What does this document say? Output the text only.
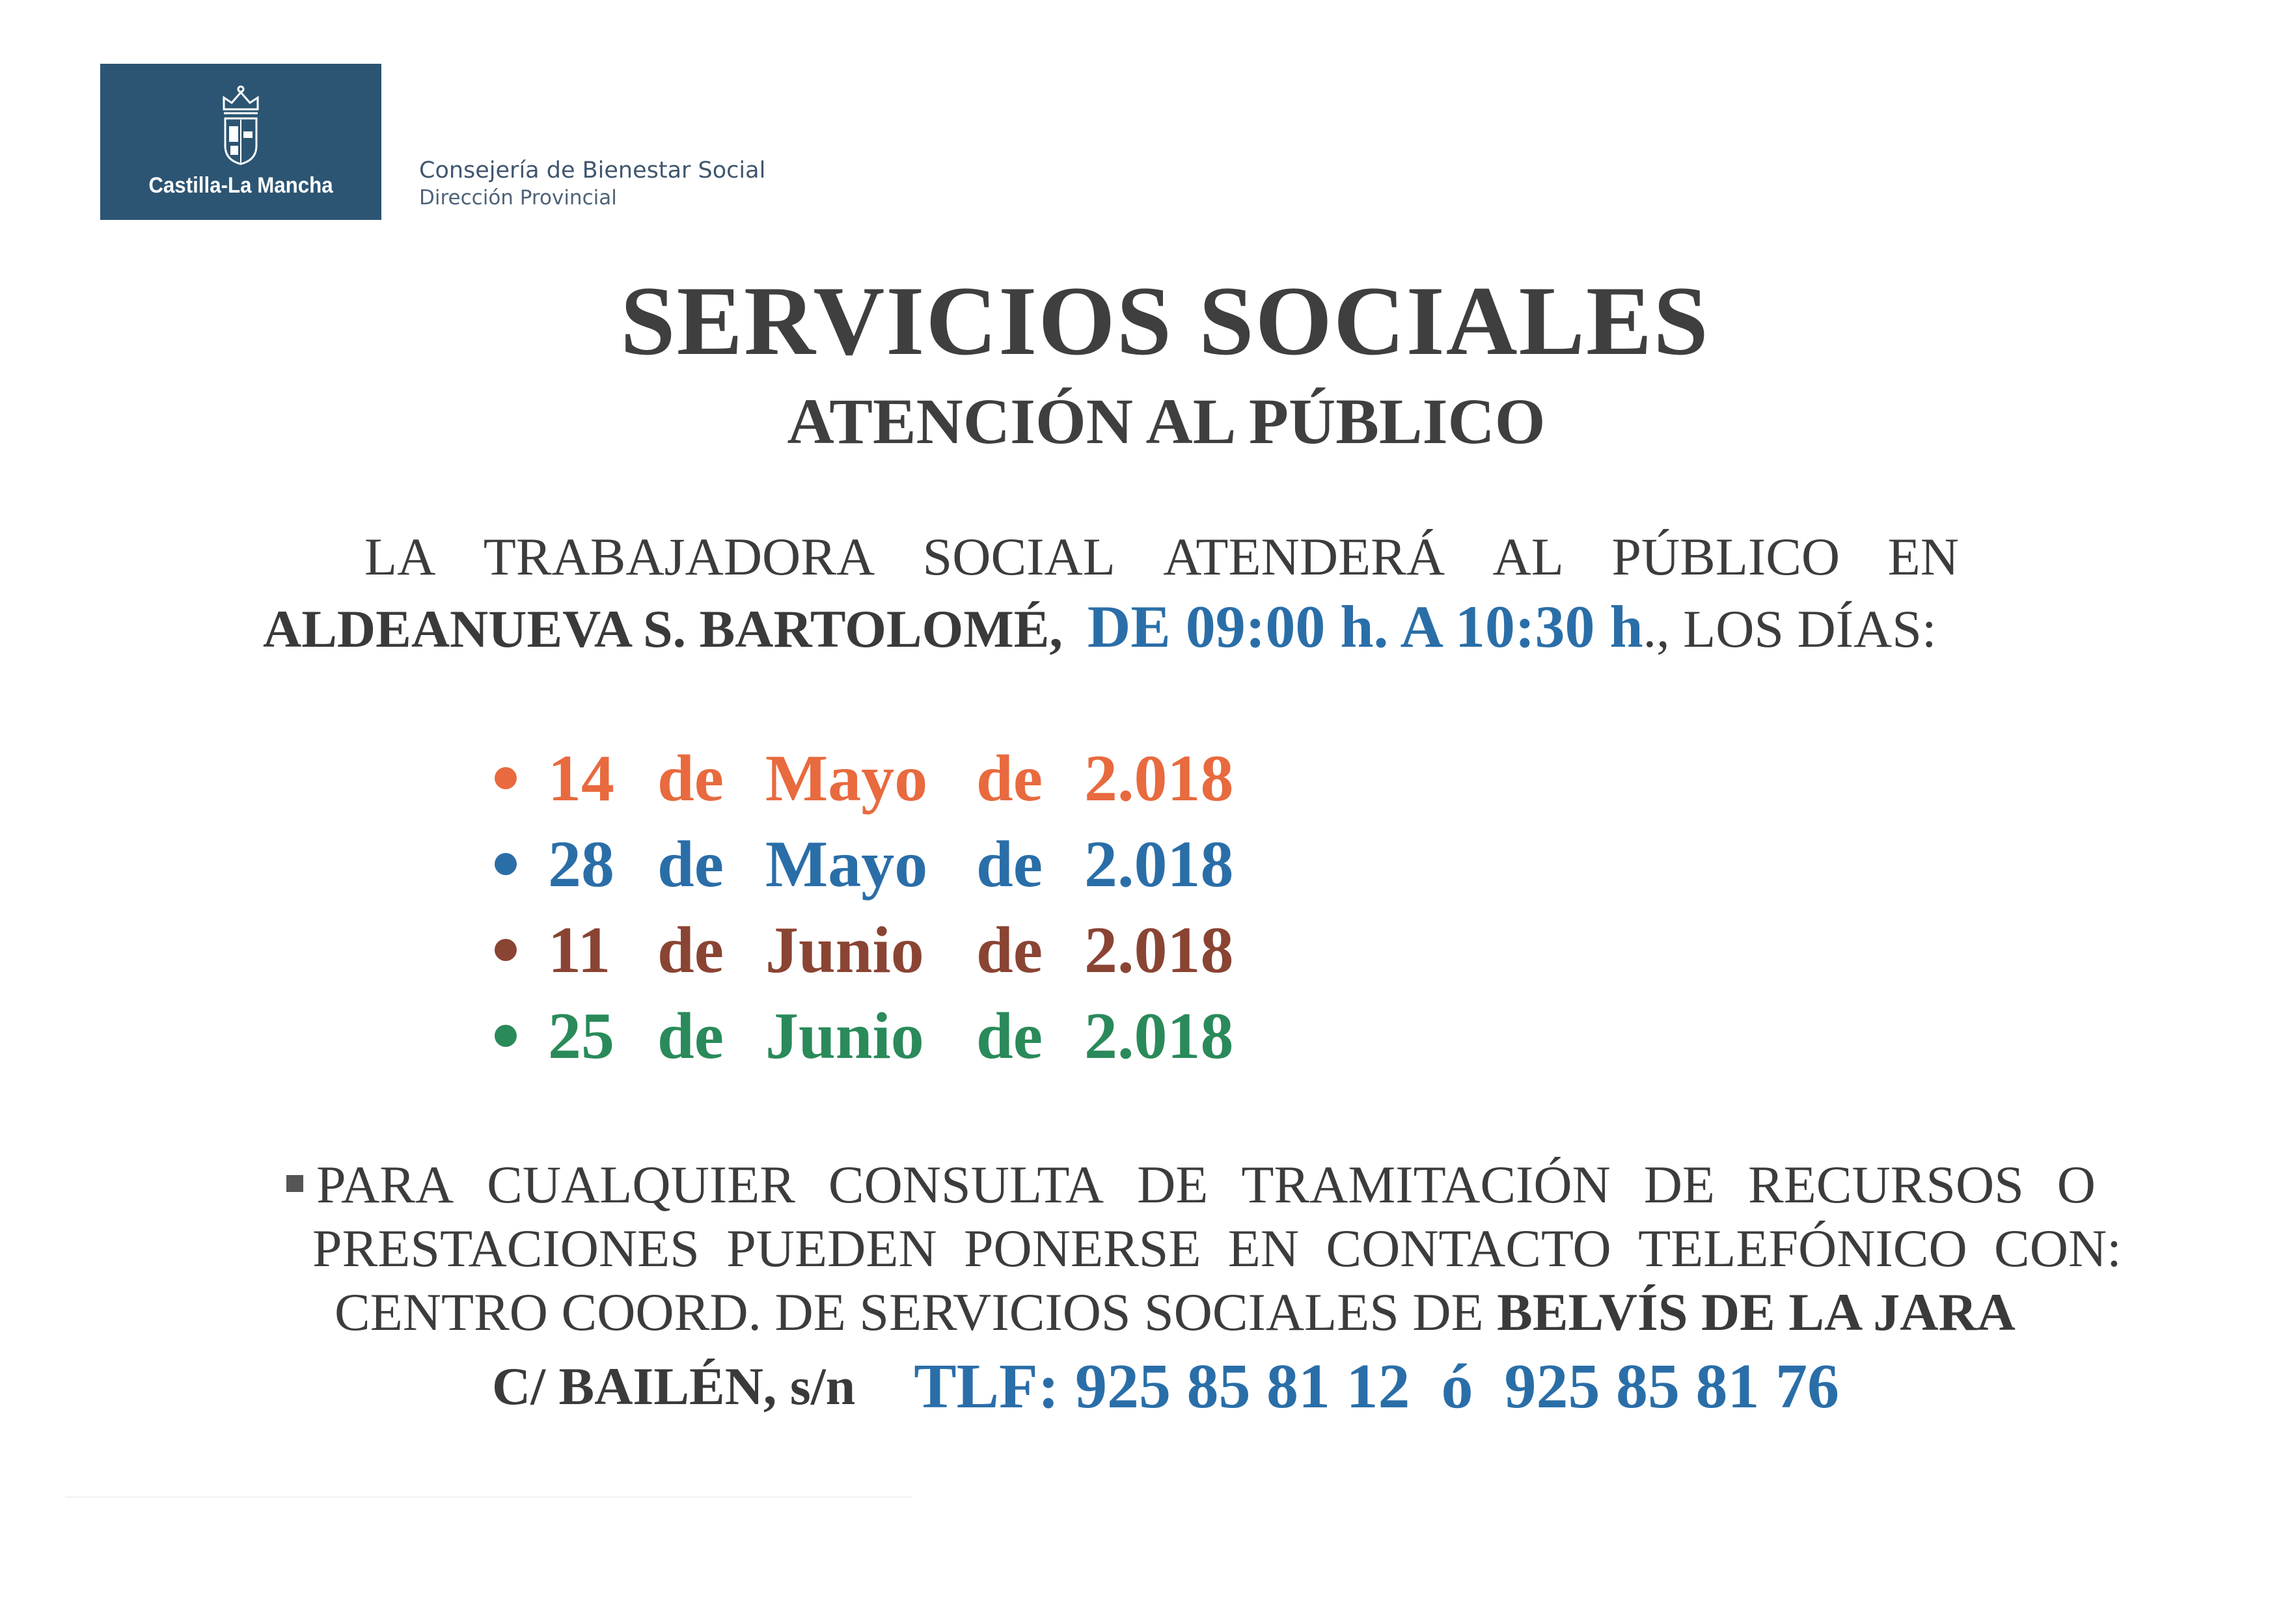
Castilla-La Mancha
Consejería de Bienestar Social
Dirección Provincial
SERVICIOS SOCIALES
ATENCIÓN AL PÚBLICO
LA TRABAJADORA SOCIAL ATENDERÁ AL PÚBLICO EN
ALDEANUEVA S. BARTOLOMÉ, DE 09:00 h. A 10:30 h., LOS DÍAS:
14 de Mayo de 2.018
28 de Mayo de 2.018
11 de Junio de 2.018
25 de Junio de 2.018
PARA CUALQUIER CONSULTA DE TRAMITACIÓN DE RECURSOS O
PRESTACIONES PUEDEN PONERSE EN CONTACTO TELEFÓNICO CON:
CENTRO COORD. DE SERVICIOS SOCIALES DE BELVÍS DE LA JARA
C/ BAILÉN, s/n TLF: 925 85 81 12 ó 925 85 81 76
